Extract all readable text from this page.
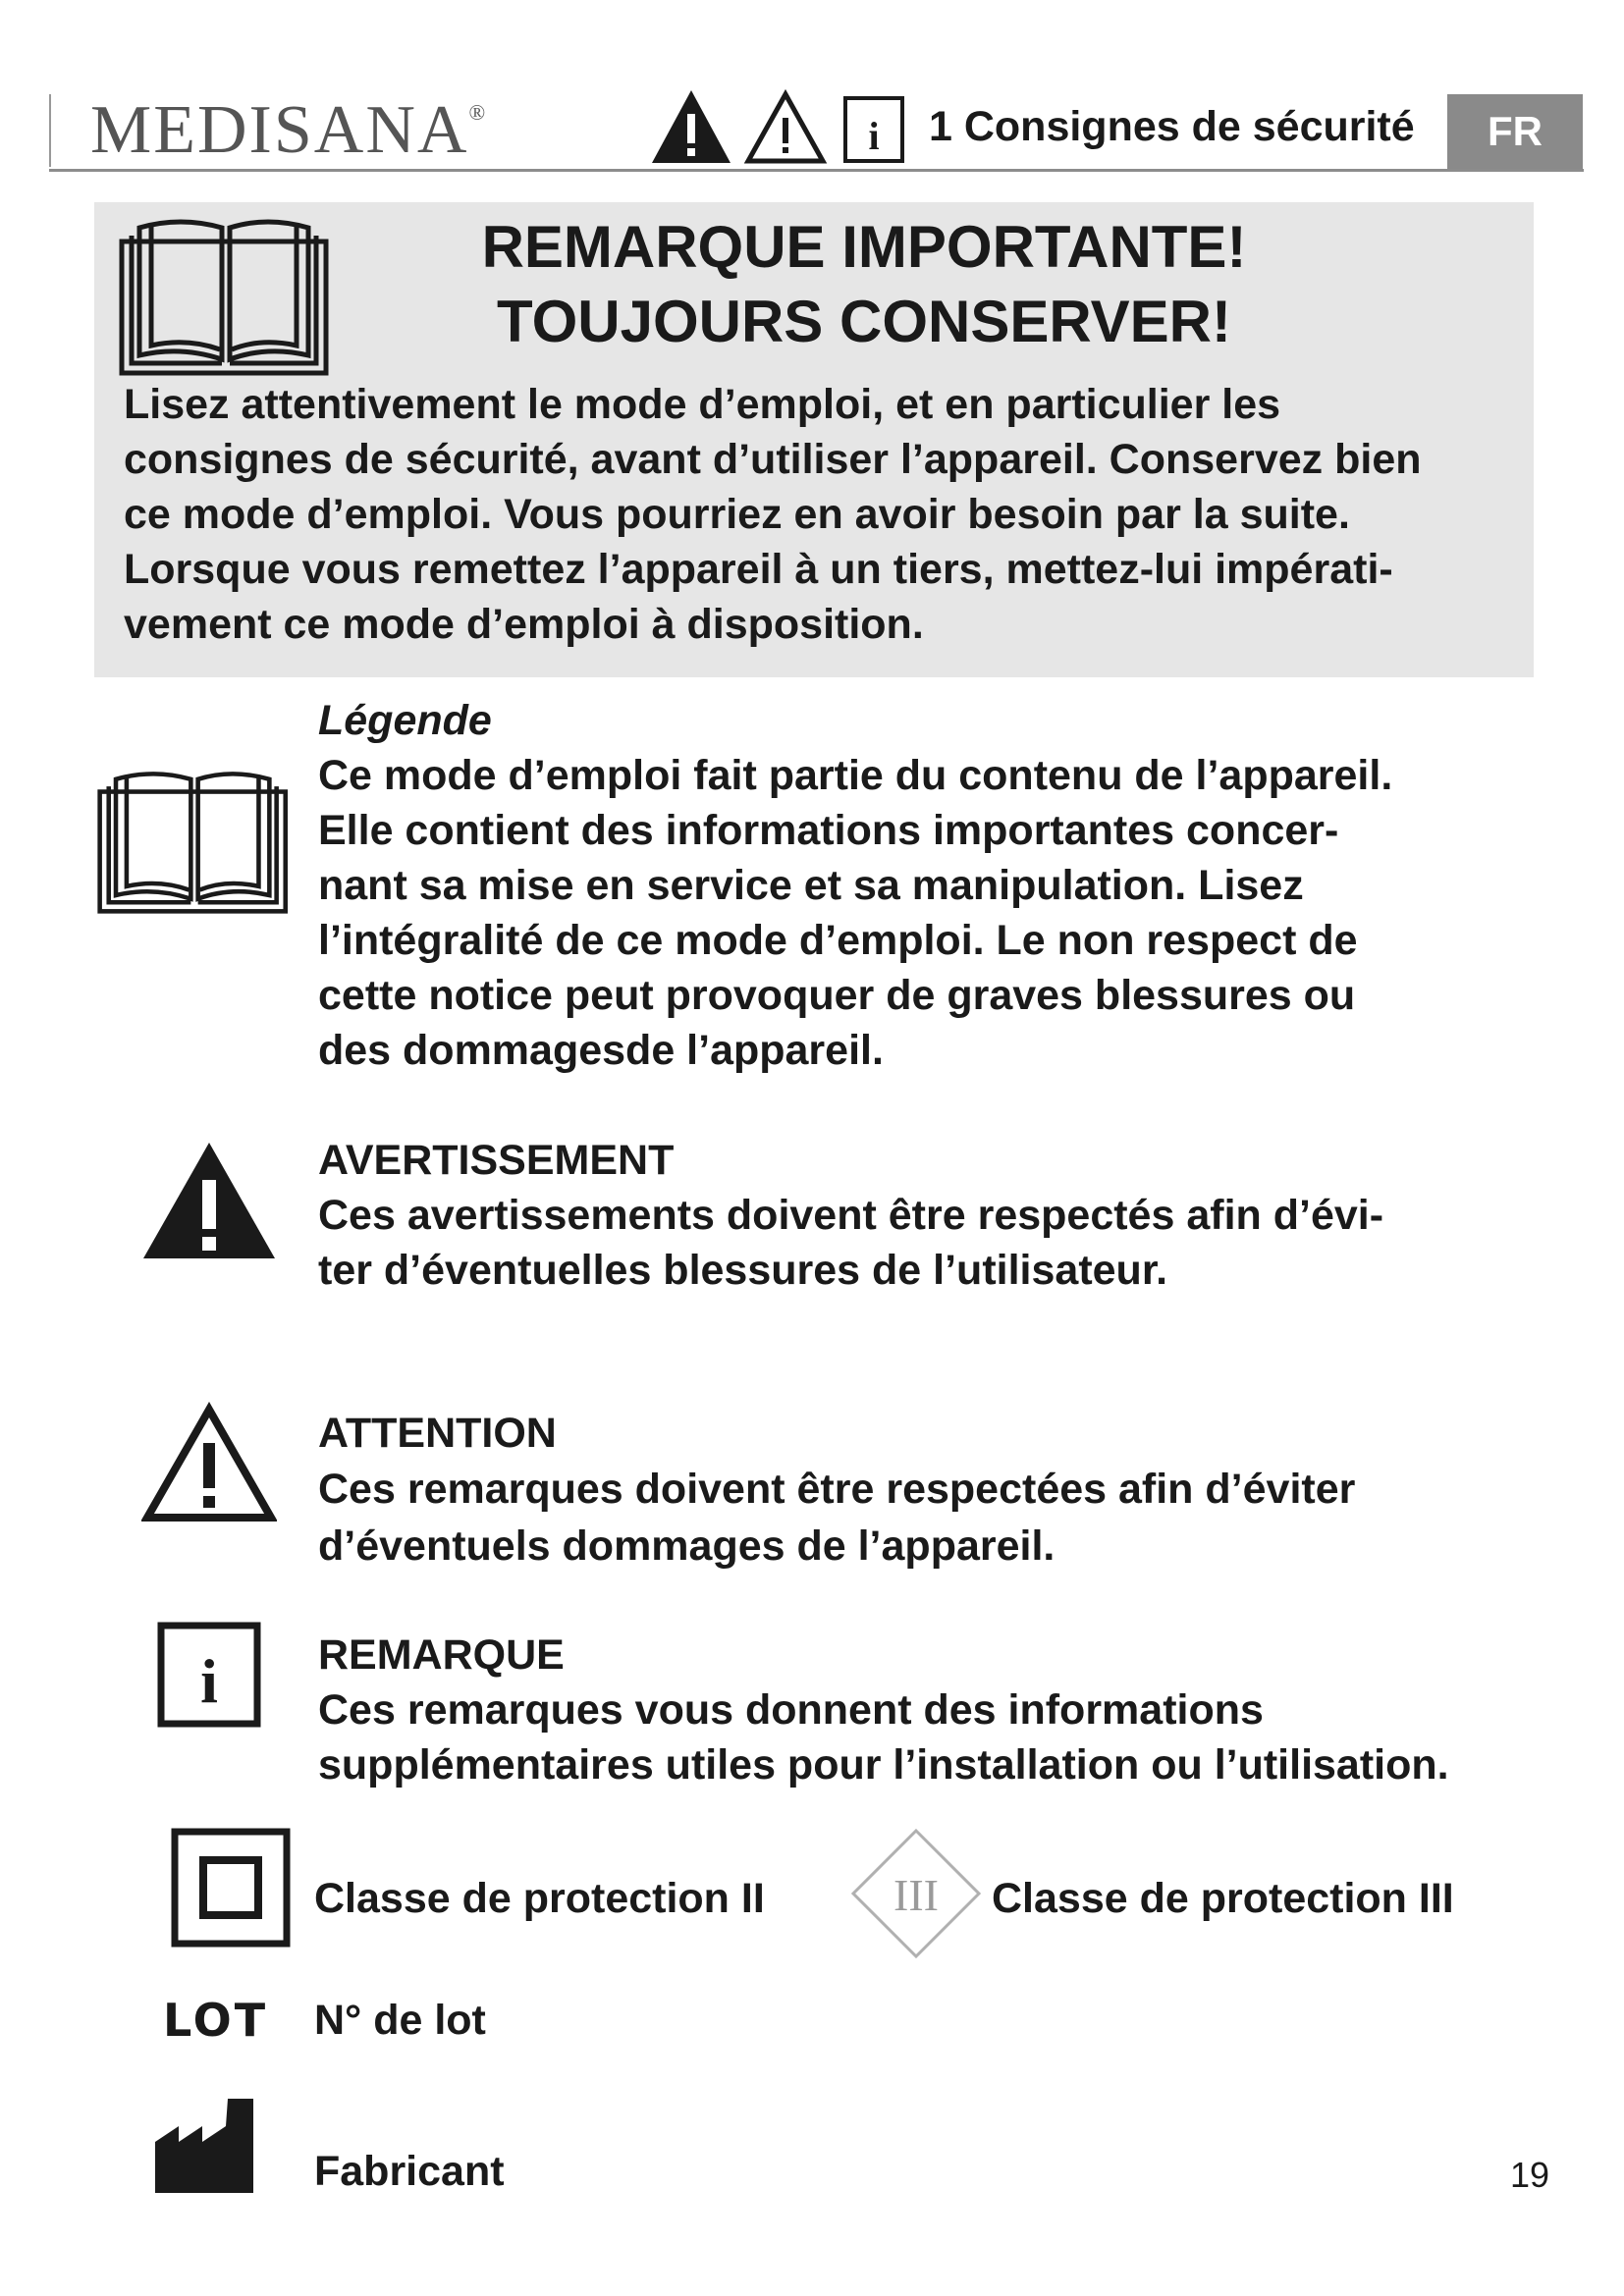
MEDISANA®
i 1 Consignes de sécurité FR
REMARQUE IMPORTANTE!
TOUJOURS CONSERVER!
Lisez attentivement le mode d’emploi, et en particulier les
consignes de sécurité, avant d’utiliser l’appareil. Conservez bien
ce mode d’emploi. Vous pourriez en avoir besoin par la suite.
Lorsque vous remettez l’appareil à un tiers, mettez-lui impérati-
vement ce mode d’emploi à disposition.
Légende
Ce mode d’emploi fait partie du contenu de l’appareil.
Elle contient des informations importantes concer-
nant sa mise en service et sa manipulation. Lisez
l’intégralité de ce mode d’emploi. Le non respect de
cette notice peut provoquer de graves blessures ou
des dommagesde l’appareil.
AVERTISSEMENT
Ces avertissements doivent être respectés afin d’évi-
ter d’éventuelles blessures de l’utilisateur.
ATTENTION
Ces remarques doivent être respectées afin d’éviter
d’éventuels dommages de l’appareil.
i REMARQUE
Ces remarques vous donnent des informations
supplémentaires utiles pour l’installation ou l’utilisation.
Classe de protection II	III Classe de protection III
LOT N° de lot
Fabricant	19
